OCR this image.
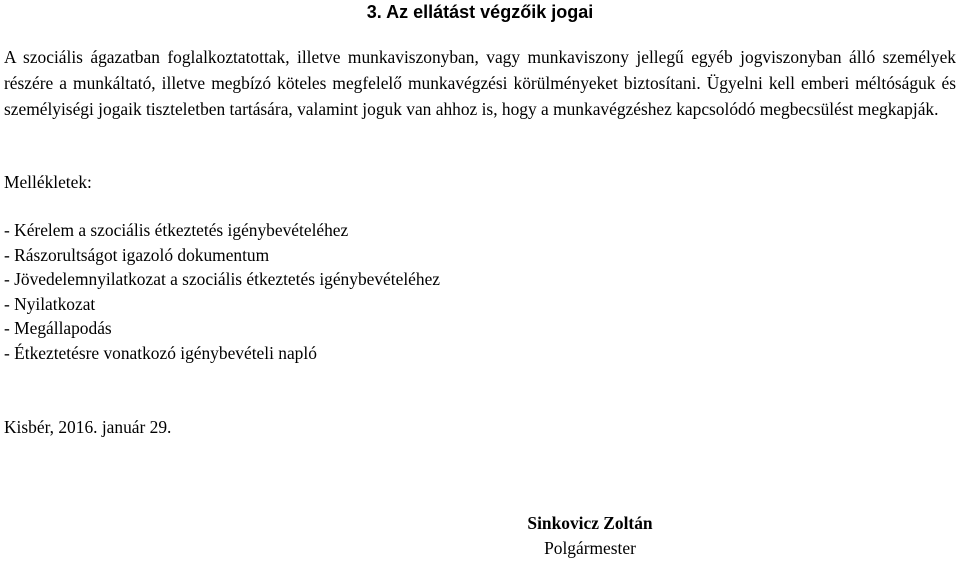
3. Az ellátást végzőik jogai
A szociális ágazatban foglalkoztatottak, illetve munkaviszonyban, vagy munkaviszony jellegű egyéb jogviszonyban álló személyek részére a munkáltató, illetve megbízó köteles megfelelő munkavégzési körülményeket biztosítani. Ügyelni kell emberi méltóságuk és személyiségi jogaik tiszteletben tartására, valamint joguk van ahhoz is, hogy a munkavégzéshez kapcsolódó megbecsülést megkapják.
Mellékletek:
- Kérelem a szociális étkeztetés igénybevételéhez
- Rászorultságot igazoló dokumentum
- Jövedelemnyilatkozat a szociális étkeztetés igénybevételéhez
- Nyilatkozat
- Megállapodás
- Étkeztetésre vonatkozó igénybevételi napló
Kisbér, 2016. január 29.
Sinkovicz Zoltán
Polgármester
